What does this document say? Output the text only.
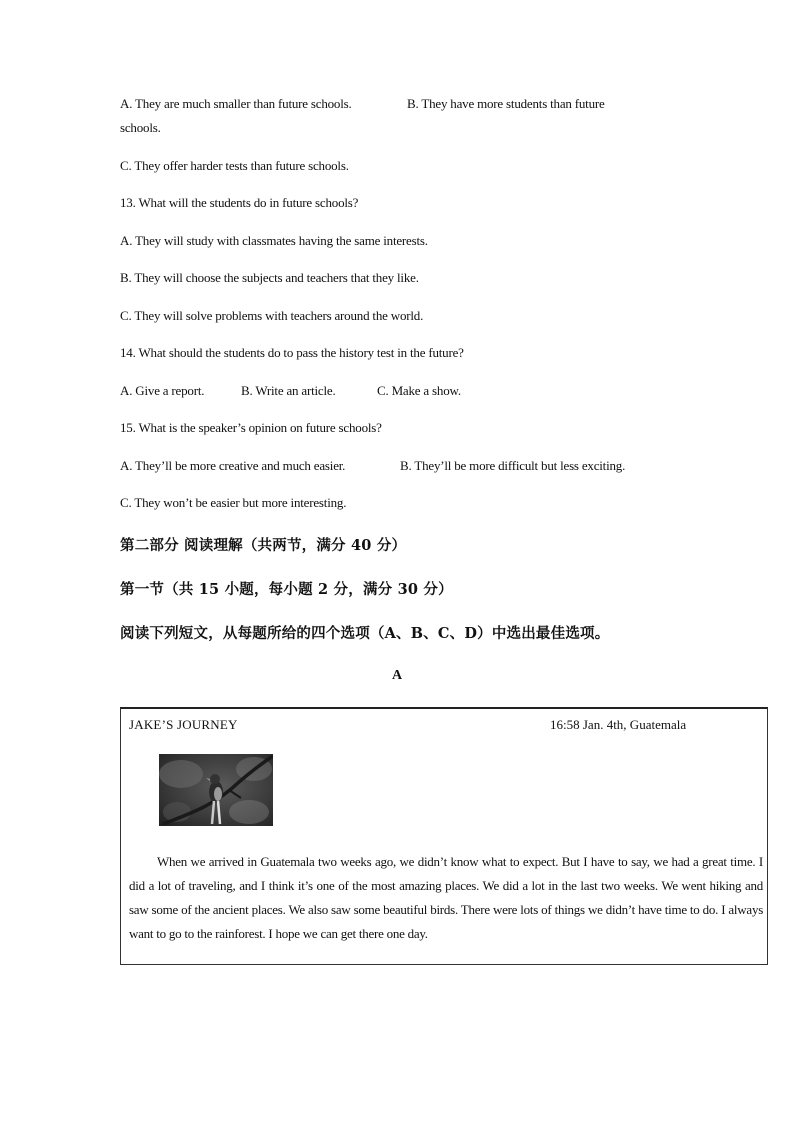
A. They are much smaller than future schools.	B. They have more students than future
schools.
C. They offer harder tests than future schools.
13. What will the students do in future schools?
A. They will study with classmates having the same interests.
B. They will choose the subjects and teachers that they like.
C. They will solve problems with teachers around the world.
14. What should the students do to pass the history test in the future?
A. Give a report.	B. Write an article.	C. Make a show.
15. What is the speaker’s opinion on future schools?
A. They’ll be more creative and much easier.	B. They’ll be more difficult but less exciting.
C. They won’t be easier but more interesting.
第二部分 阅读理解（共两节，满分 40 分）
第一节（共 15 小题，每小题 2 分，满分 30 分）
阅读下列短文，从每题所给的四个选项（A、B、C、D）中选出最佳选项。
A
JAKE’S JOURNEY	16:58 Jan. 4th, Guatemala
When we arrived in Guatemala two weeks ago, we didn’t know what to expect. But I have to say, we had a great time. I did a lot of traveling, and I think it’s one of the most amazing places. We did a lot in the last two weeks. We went hiking and saw some of the ancient places. We also saw some beautiful birds. There were lots of things we didn’t have time to do. I always want to go to the rainforest. I hope we can get there one day.
